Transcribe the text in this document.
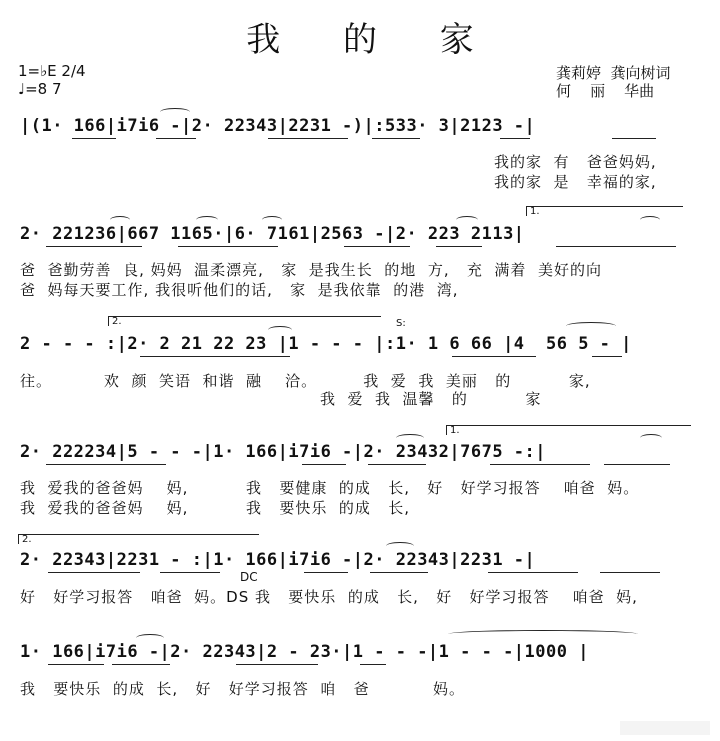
我 的 家
1=♭E 2/4
♩=8 7
龚莉婷  龚向树词
何    丽    华曲
|(1· 166|i7i6 -|2· 22343|2231 -)|:533· 3|2123 -|
我的家  有   爸爸妈妈,
我的家  是   幸福的家,
1.
2· 221236|667 1165·|6· 7161|2563 -|2· 223 2113|
爸  爸勤劳善  良, 妈妈  温柔漂亮,   家  是我生长  的地  方,   充  满着  美好的向
爸  妈每天要工作, 我很听他们的话,   家  是我依靠  的港  湾,
2.	S:
2 - - - :|2· 2 21 22 23 |1 - - - |:1· 1 6 66 |4  56 5 - |
往。         欢  颜  笑语  和谐  融    洽。        我  爱  我  美丽   的          家,
我  爱  我  温馨   的          家
1.
2· 222234|5 - - -|1· 166|i7i6 -|2· 23432|7675 -:|
我  爱我的爸爸妈    妈,          我   要健康  的成   长,   好   好学习报答    咱爸  妈。
我  爱我的爸爸妈    妈,          我   要快乐  的成   长,
2.
2· 22343|2231 - :|1· 166|i7i6 -|2· 22343|2231 -|
DC
好   好学习报答   咱爸  妈。DS 我   要快乐  的成   长,   好   好学习报答    咱爸  妈,
1· 166|i7i6 -|2· 22343|2 - 23·|1 - - -|1 - - -|1000 |
我   要快乐  的成  长,   好   好学习报答  咱   爸           妈。
